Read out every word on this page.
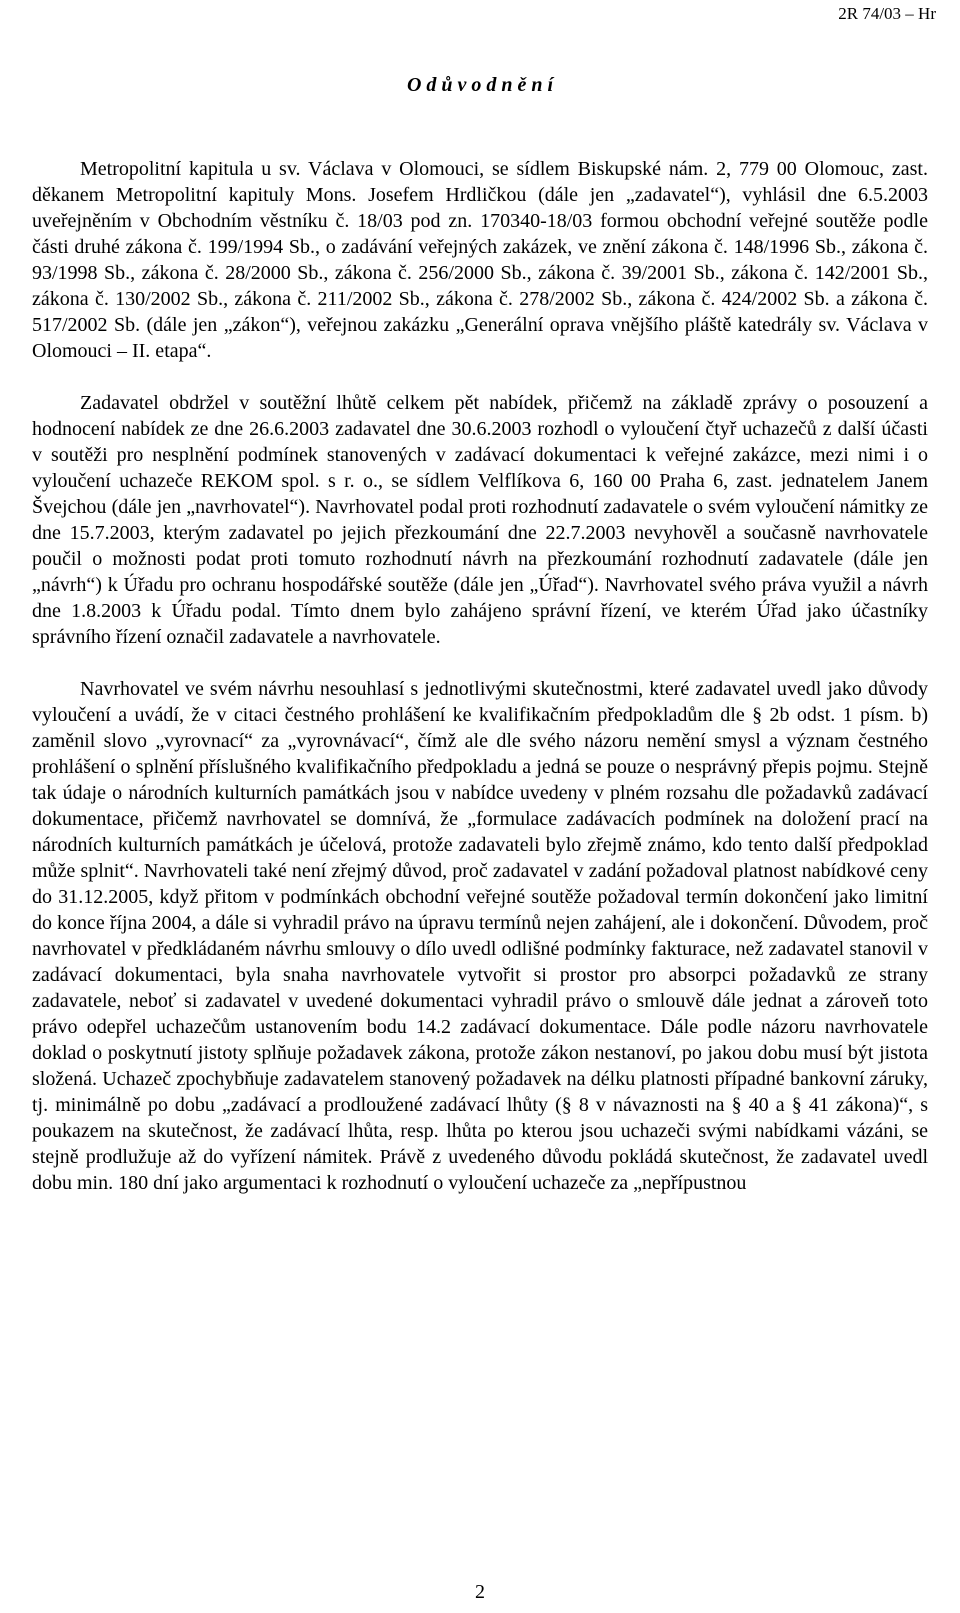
2R 74/03 – Hr
O d ů v o d n ě n í

Metropolitní kapitula u sv. Václava v Olomouci, se sídlem Biskupské nám. 2, 779 00 Olomouc, zast. děkanem Metropolitní kapituly Mons. Josefem Hrdličkou (dále jen „zadavatel“), vyhlásil dne 6.5.2003 uveřejněním v Obchodním věstníku č. 18/03 pod zn. 170340-18/03 formou obchodní veřejné soutěže podle části druhé zákona č. 199/1994 Sb., o zadávání veřejných zakázek, ve znění zákona č. 148/1996 Sb., zákona č. 93/1998 Sb., zákona č. 28/2000 Sb., zákona č. 256/2000 Sb., zákona č. 39/2001 Sb., zákona č. 142/2001 Sb., zákona č. 130/2002 Sb., zákona č. 211/2002 Sb., zákona č. 278/2002 Sb., zákona č. 424/2002 Sb. a zákona č. 517/2002 Sb. (dále jen „zákon“), veřejnou zakázku „Generální oprava vnějšího pláště katedrály sv. Václava v Olomouci – II. etapa“.

Zadavatel obdržel v soutěžní lhůtě celkem pět nabídek, přičemž na základě zprávy o posouzení a hodnocení nabídek ze dne 26.6.2003 zadavatel dne 30.6.2003 rozhodl o vyloučení čtyř uchazečů z další účasti v soutěži pro nesplnění podmínek stanovených v zadávací dokumentaci k veřejné zakázce, mezi nimi i o vyloučení uchazeče REKOM spol. s r. o., se sídlem Velflíkova 6, 160 00 Praha 6, zast. jednatelem Janem Švejchou (dále jen „navrhovatel“). Navrhovatel podal proti rozhodnutí zadavatele o svém vyloučení námitky ze dne 15.7.2003, kterým zadavatel po jejich přezkoumání dne 22.7.2003 nevyhověl a současně navrhovatele poučil o možnosti podat proti tomuto rozhodnutí návrh na přezkoumání rozhodnutí zadavatele (dále jen „návrh“) k Úřadu pro ochranu hospodářské soutěže (dále jen „Úřad“). Navrhovatel svého práva využil a návrh dne 1.8.2003 k Úřadu podal. Tímto dnem bylo zahájeno správní řízení, ve kterém Úřad jako účastníky správního řízení označil zadavatele a navrhovatele.

Navrhovatel ve svém návrhu nesouhlasí s jednotlivými skutečnostmi, které zadavatel uvedl jako důvody vyloučení a uvádí, že v citaci čestného prohlášení ke kvalifikačním předpokladům dle § 2b odst. 1 písm. b) zaměnil slovo „vyrovnací“ za „vyrovnávací“, čímž ale dle svého názoru nemění smysl a význam čestného prohlášení o splnění příslušného kvalifikačního předpokladu a jedná se pouze o nesprávný přepis pojmu. Stejně tak údaje o národních kulturních památkách jsou v nabídce uvedeny v plném rozsahu dle požadavků zadávací dokumentace, přičemž navrhovatel se domnívá, že „formulace zadávacích podmínek na doložení prací na národních kulturních památkách je účelová, protože zadavateli bylo zřejmě známo, kdo tento další předpoklad může splnit“. Navrhovateli také není zřejmý důvod, proč zadavatel v zadání požadoval platnost nabídkové ceny do 31.12.2005, když přitom v podmínkách obchodní veřejné soutěže požadoval termín dokončení jako limitní do konce října 2004, a dále si vyhradil právo na úpravu termínů nejen zahájení, ale i dokončení. Důvodem, proč navrhovatel v předkládaném návrhu smlouvy o dílo uvedl odlišné podmínky fakturace, než zadavatel stanovil v zadávací dokumentaci, byla snaha navrhovatele vytvořit si prostor pro absorpci požadavků ze strany zadavatele, neboť si zadavatel v uvedené dokumentaci vyhradil právo o smlouvě dále jednat a zároveň toto právo odepřel uchazečům ustanovením bodu 14.2 zadávací dokumentace. Dále podle názoru navrhovatele doklad o poskytnutí jistoty splňuje požadavek zákona, protože zákon nestanoví, po jakou dobu musí být jistota složená. Uchazeč zpochybňuje zadavatelem stanovený požadavek na délku platnosti případné bankovní záruky, tj. minimálně po dobu „zadávací a prodloužené zadávací lhůty (§ 8 v návaznosti na § 40 a § 41 zákona)“, s poukazem na skutečnost, že zadávací lhůta, resp. lhůta po kterou jsou uchazeči svými nabídkami vázáni, se stejně prodlužuje až do vyřízení námitek. Právě z uvedeného důvodu pokládá skutečnost, že zadavatel uvedl dobu min. 180 dní jako argumentaci k rozhodnutí o vyloučení uchazeče za „nepřípustnou

2
